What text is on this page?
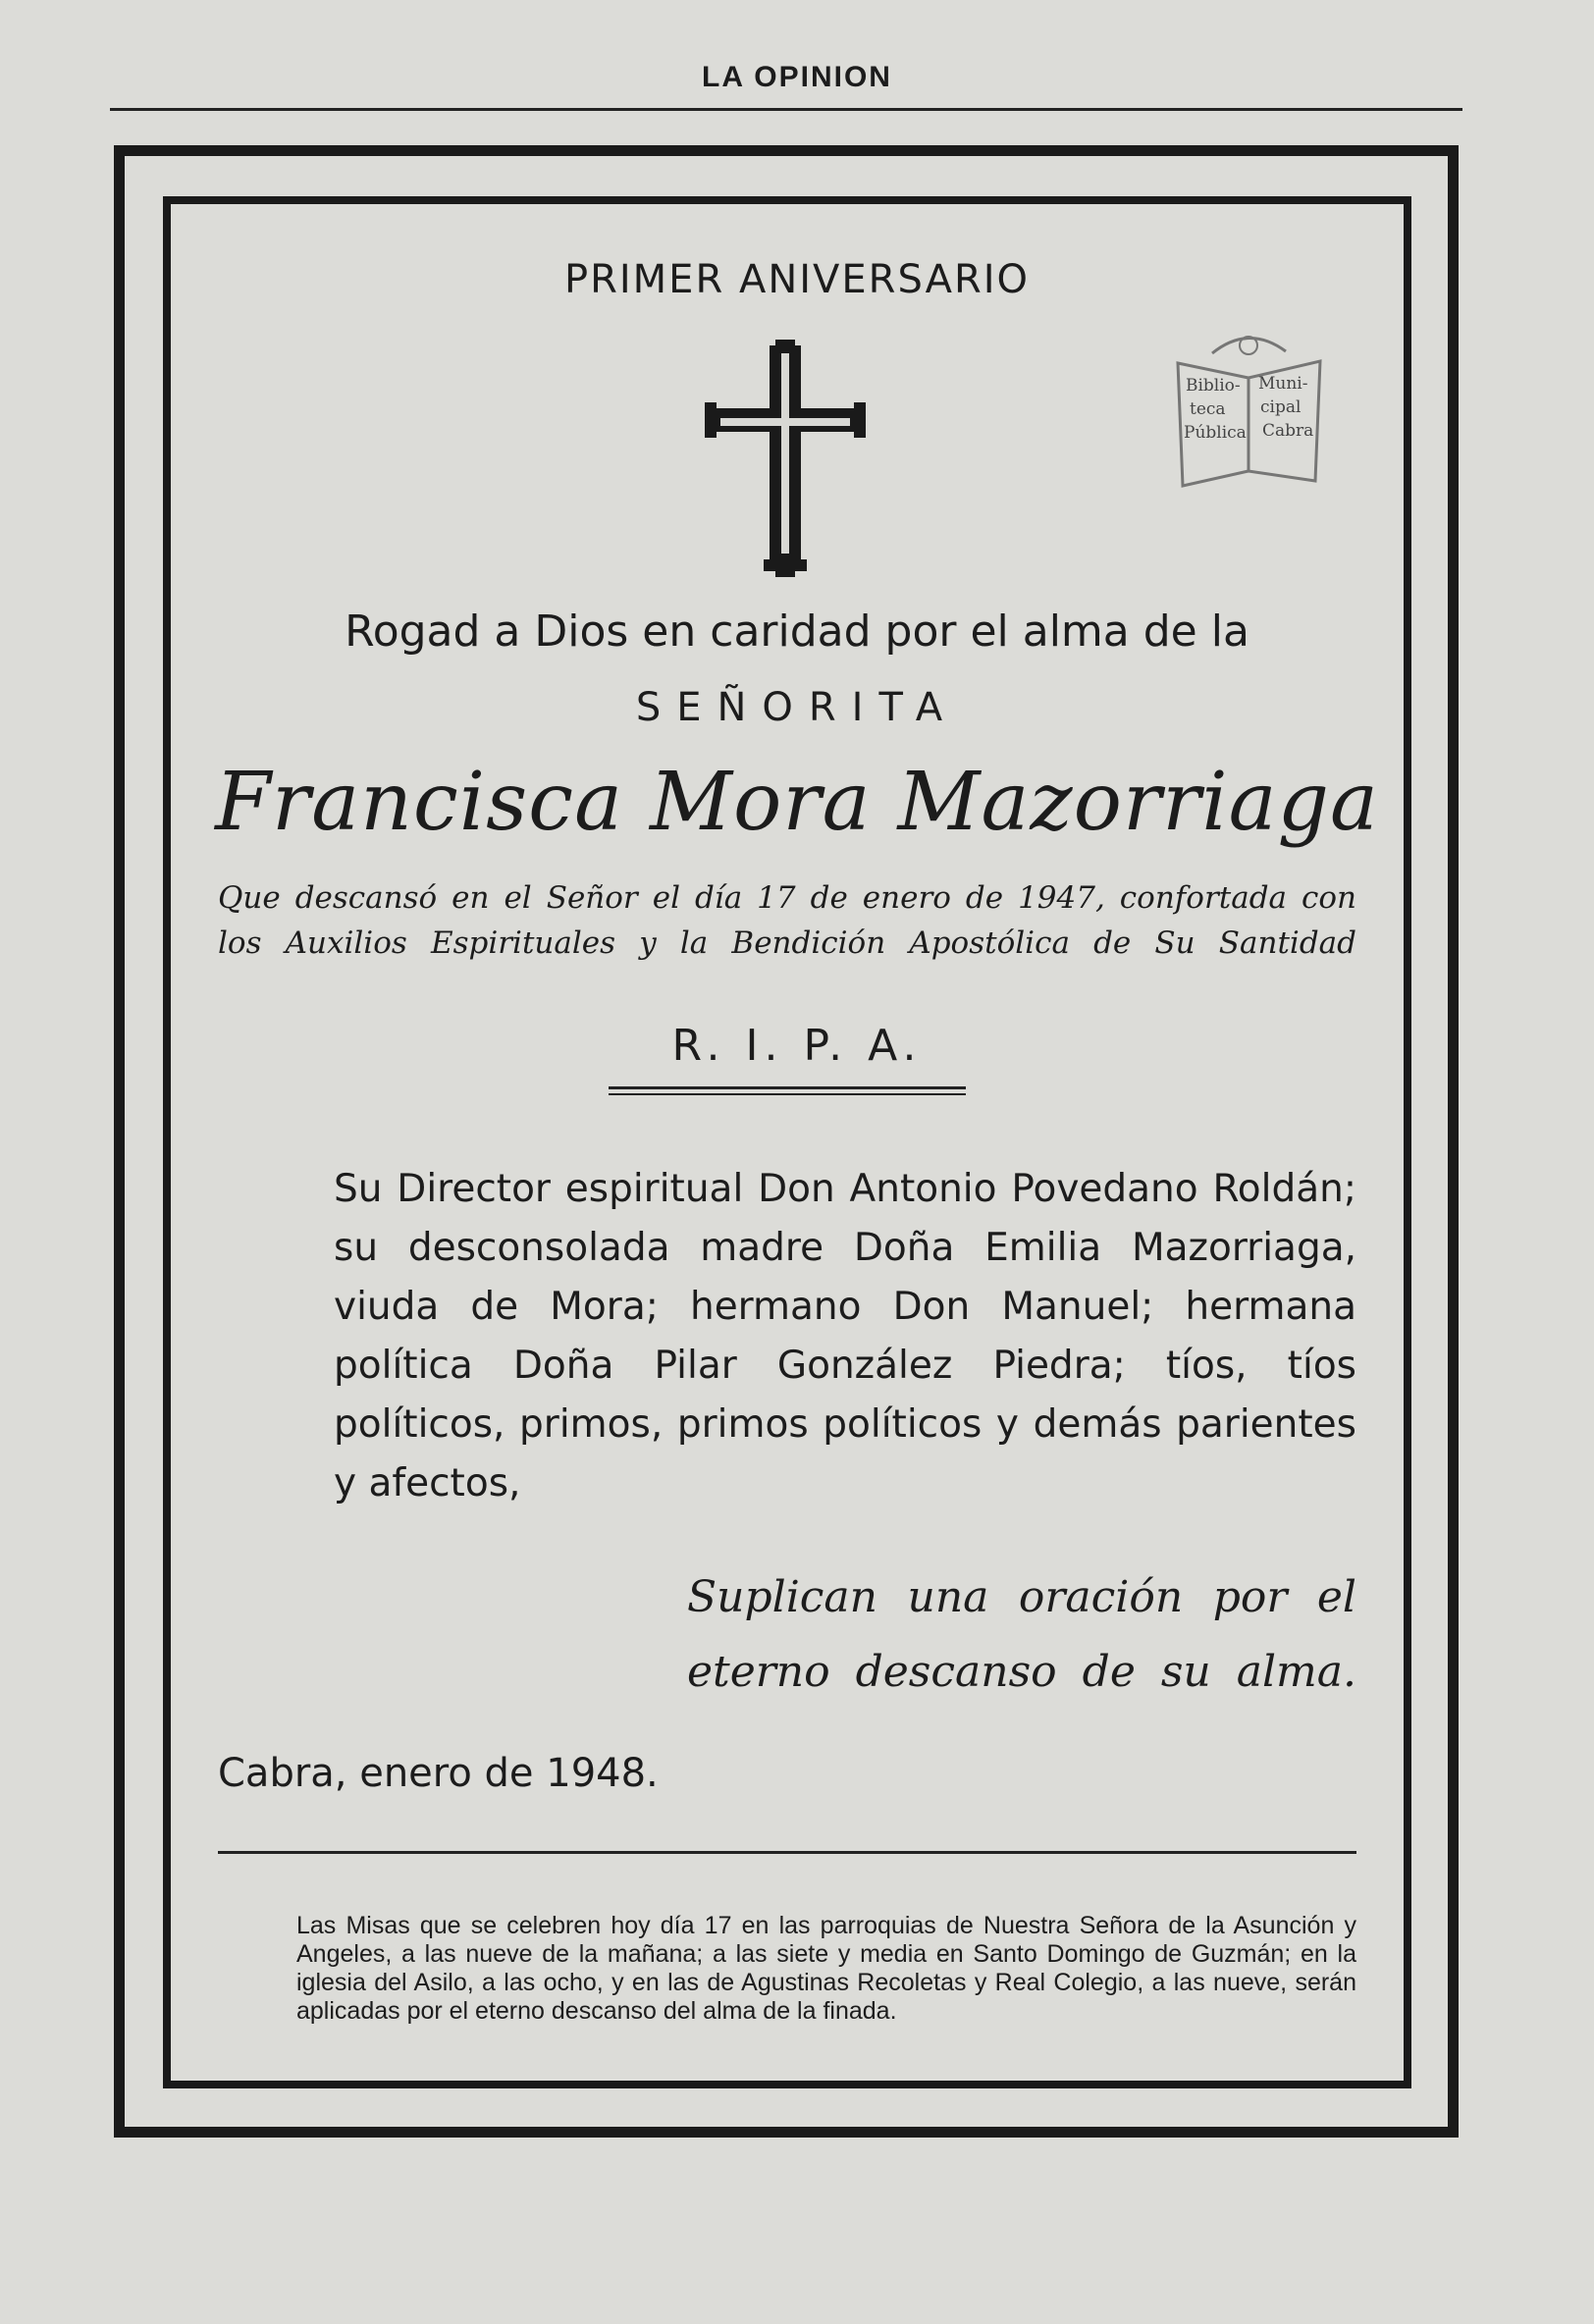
LA OPINION
PRIMER ANIVERSARIO
Biblio-
teca
Pública
Muni-
cipal
Cabra
Rogad a Dios en caridad por el alma de la
SEÑORITA
Francisca Mora Mazorriaga
Que descansó en el Señor el día 17 de enero de 1947, confortada con
los Auxilios Espirituales y la Bendición Apostólica de Su Santidad
R. I. P. A.

Su Director espiritual Don Antonio Povedano Roldán; su desconsolada madre Doña Emilia Mazorriaga, viuda de Mora; hermano Don Manuel; hermana política Doña Pilar González Piedra; tíos, tíos políticos, primos, primos políticos y demás parientes y afectos,

Suplican una oración por el

eterno descanso de su alma.

Cabra, enero de 1948.
Las Misas que se celebren hoy día 17 en las parroquias de Nuestra Señora de la Asunción y Angeles, a las nueve de la mañana; a las siete y media en Santo Domingo de Guzmán; en la iglesia del Asilo, a las ocho, y en las de Agustinas Recoletas y Real Colegio, a las nueve, serán aplicadas por el eterno descanso del alma de la finada.
